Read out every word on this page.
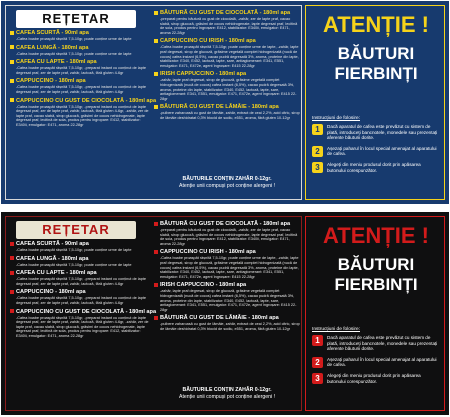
REȚETAR
CAFEA SCURTĂ - 90ml apa
-Cafea boabe proaspăt râșnită 7,5-10gr, poate conține urme de lapte
CAFEA LUNGĂ - 180ml apa
-Cafea boabe proaspăt râșnită 7,5-10gr, poate conține urme de lapte
CAFEA CU LAPTE - 180ml apa
-Cafea boabe proaspăt râșnită 7,5-10gr, -preparat instant cu conținut de lapte degresat praf, zer de lapte praf, zahăr, lactoză, fără gluten 4-6gr
CAPPUCCINO - 180ml apa
-Cafea boabe proaspăt râșnită 7,5-10gr, -preparat instant cu conținut de lapte degresat praf, zer de lapte praf, zahăr, lactoză, fără gluten 4-6gr
CAPPUCCINO CU GUST DE CIOCOLATĂ - 180ml apa
-Cafea boabe proaspăt râșnită 7,5-10gr, -preparat instant cu conținut de lapte degresat praf, zer de lapte praf, zahăr, lactoză, fără gluten 4-6gr, -zahăr, zer de lapte praf, cacao slabă, sirop glucoză, grăsimi de cocos nehidrogenate, lapte degresat praf, lecitină de soia, produs pentru ingropare: E412, stabilizator: E340ii, emulgator: E471, aroma 22-28gr
BĂUTURĂ CU GUST DE CIOCOLATĂ - 180ml apa
-preparat pentru băutură cu gust de ciocolată, -zahăr, zer de lapte praf, cacao slabă, sirop glucoză, grăsimi de cocos nehidrogenate, lapte degresat praf, lecitină de soia, produs pentru îngroșare: E412, stabilizator: E340ii, emulgator: E471, aroma 22-28gr
CAPPUCCINO CU IRISH - 180ml apa
-Cafea boabe proaspăt râșnită 7,5-10gr, poate conține urme de lapte, -zahăr, lapte praf degresat, sirop de glucoză, grăsime vegetală complet hidrogenizată (nucă de cocos) cafea instant (6,5%), cacao pudră degresată 3%, aroma, proteine din lapte, stabilizator: E340, E452, lactoză, lapte, sare, antiaglomerant: E341, E551, emulgator: E471, E472e, agent îngroșare: E415 22-28gr
IRISH CAPPUCCINO - 180ml apa
-zahăr, lapte praf degresat, sirop de glucoză, grăsime vegetală complet hidrogenizată (nucă de cocos) cafea instant (6,5%), cacao pudră degresată 3%, aroma, proteine din lapte, stabilizator: E340, E452, lactoză, lapte, sare, antiaglomerant: E341, E551, emulgator: E471, E472e, agent îngroșare: E415 22-28gr
BĂUTURĂ CU GUST DE LĂMÂIE - 180ml apa
-pulbere zaharoasă cu gust de lămâie, zahăr, extract de ceai 2,2%, acid citric, sirop de lămâie deshidratat 0,3% biocid de sodiu, e551, aroma, fără gluten 10-12gr
BĂUTURILE CONȚIN ZAHĂR 0-12gr.
Atenție unii compuși pot conține alergeni !
ATENȚIE !
BĂUTURI
FIERBINȚI
Instrucțiuni de folosire:
1	Dacă aparatul de cafea este prevăzut cu sistem de plată, introduceți bancnotele, monedele sau prezentați aferente băuturii dorite.
2	Așezați paharul în locul special amenajat al aparatului de cafea.
3	Alegeți din meniu produsul dorit prin apăsarea butonului corespunzător.
REȚETAR
CAFEA SCURTĂ - 90ml apa
-Cafea boabe proaspăt râșnită 7,5-10gr, poate conține urme de lapte
CAFEA LUNGĂ - 180ml apa
-Cafea boabe proaspăt râșnită 7,5-10gr, poate conține urme de lapte
CAFEA CU LAPTE - 180ml apa
-Cafea boabe proaspăt râșnită 7,5-10gr, -preparat instant cu conținut de lapte degresat praf, zer de lapte praf, zahăr, lactoză, fără gluten 4-6gr
CAPPUCCINO - 180ml apa
-Cafea boabe proaspăt râșnită 7,5-10gr, -preparat instant cu conținut de lapte degresat praf, zer de lapte praf, zahăr, lactoză, fără gluten 4-6gr
CAPPUCCINO CU GUST DE CIOCOLATĂ - 180ml apa
-Cafea boabe proaspăt râșnită 7,5-10gr, -preparat instant cu conținut de lapte degresat praf, zer de lapte praf, zahăr, lactoză, fără gluten 4-6gr, -zahăr, zer de lapte praf, cacao slabă, sirop glucoză, grăsimi de cocos nehidrogenate, lapte degresat praf, lecitină de soia, produs pentru ingropare: E412, stabilizator: E340ii, emulgator: E471, aroma 22-28gr
BĂUTURĂ CU GUST DE CIOCOLATĂ - 180ml apa
-preparat pentru băutură cu gust de ciocolată, -zahăr, zer de lapte praf, cacao slabă, sirop glucoză, grăsimi de cocos nehidrogenate, lapte degresat praf, lecitină de soia, produs pentru îngroșare: E412, stabilizator: E340ii, emulgator: E471, aroma 22-28gr
CAPPUCCINO CU IRISH - 180ml apa
-Cafea boabe proaspăt râșnită 7,5-10gr, poate conține urme de lapte, -zahăr, lapte praf degresat, sirop de glucoză, grăsime vegetală complet hidrogenizată (nucă de cocos) cafea instant (6,5%), cacao pudră degresată 3%, aroma, proteine din lapte, stabilizator: E340, E452, lactoză, lapte, sare, antiaglomerant: E341, E551, emulgator: E471, E472e, agent îngroșare: E415 22-28gr
IRISH CAPPUCCINO - 180ml apa
-zahăr, lapte praf degresat, sirop de glucoză, grăsime vegetală complet hidrogenizată (nucă de cocos) cafea instant (6,5%), cacao pudră degresată 3%, aroma, proteine din lapte, stabilizator: E340, E452, lactoză, lapte, sare, antiaglomerant: E341, E551, emulgator: E471, E472e, agent îngroșare: E415 22-28gr
BĂUTURĂ CU GUST DE LĂMÂIE - 180ml apa
-pulbere zaharoasă cu gust de lămâie, zahăr, extract de ceai 2,2%, acid citric, sirop de lămâie deshidratat 0,3% biocid de sodiu, e551, aroma, fără gluten 10-12gr
BĂUTURILE CONȚIN ZAHĂR 0-12gr.
Atenție unii compuși pot conține alergeni !
ATENȚIE !
BĂUTURI
FIERBINȚI
Instrucțiuni de folosire:
1	Dacă aparatul de cafea este prevăzut cu sistem de plată, introduceți bancnotele, monedele sau prezentați aferente băuturii dorite.
2	Așezați paharul în locul special amenajat al aparatului de cafea.
3	Alegeți din meniu produsul dorit prin apăsarea butonului corespunzător.
